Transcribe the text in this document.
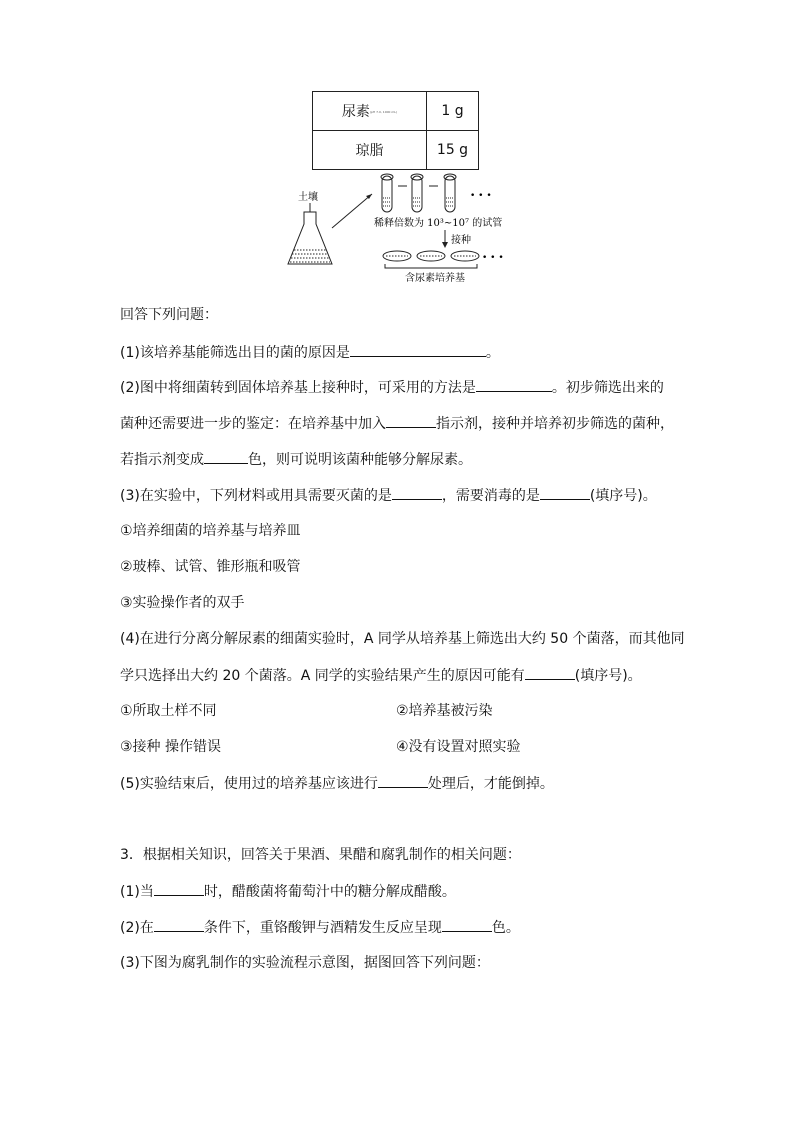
尿素(pH 7.0, 1000 mL)	1 g
琼脂	15 g
土壤	• • •
稀释倍数为 10³~10⁷ 的试管
接种
• • •
含尿素培养基
回答下列问题：
(1)该培养基能筛选出目的菌的原因是	。
(2)图中将细菌转到固体培养基上接种时，可采用的方法是	。初步筛选出来的
菌种还需要进一步的鉴定：在培养基中加入	指示剂，接种并培养初步筛选的菌种，
若指示剂变成	色，则可说明该菌种能够分解尿素。
(3)在实验中，下列材料或用具需要灭菌的是	，需要消毒的是	(填序号)。
①培养细菌的培养基与培养皿
②玻棒、试管、锥形瓶和吸管
③实验操作者的双手
(4)在进行分离分解尿素的细菌实验时，A 同学从培养基上筛选出大约 50 个菌落，而其他同
学只选择出大约 20 个菌落。A 同学的实验结果产生的原因可能有	(填序号)。
①所取土样不同	②培养基被污染
③接种 操作错误	④没有设置对照实验
(5)实验结束后，使用过的培养基应该进行	处理后，才能倒掉。
3．根据相关知识，回答关于果酒、果醋和腐乳制作的相关问题：
(1)当	时，醋酸菌将葡萄汁中的糖分解成醋酸。
(2)在	条件下，重铬酸钾与酒精发生反应呈现	色。
(3)下图为腐乳制作的实验流程示意图，据图回答下列问题：
